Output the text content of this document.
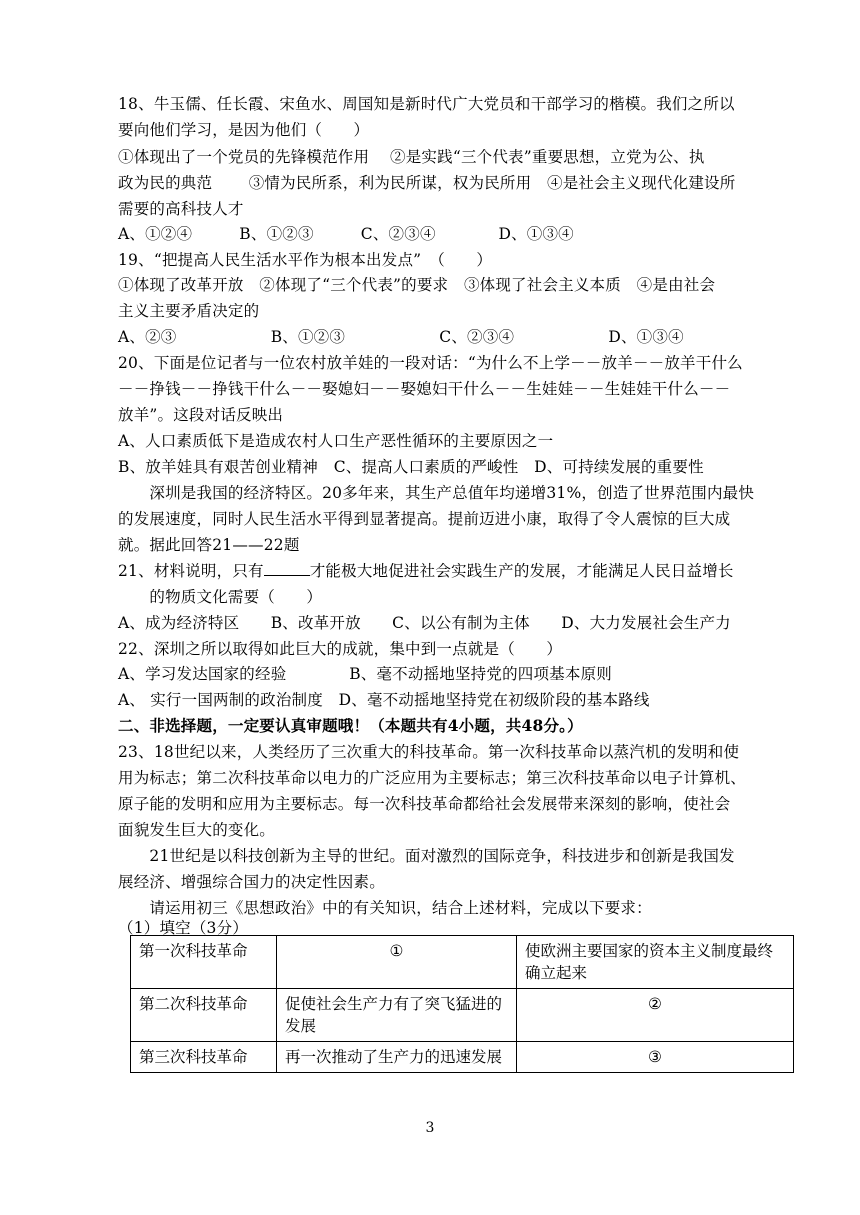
18、牛玉儒、任长霞、宋鱼水、周国知是新时代广大党员和干部学习的楷模。我们之所以
要向他们学习，是因为他们（　　）
①体现出了一个党员的先锋模范作用　 ②是实践“三个代表”重要思想，立党为公、执
政为民的典范　　 ③情为民所系，利为民所谋，权为民所用　④是社会主义现代化建设所
需要的高科技人才
A、①②④　　　B、①②③　　　C、②③④　　　　D、①③④
19、“把提高人民生活水平作为根本出发点”　（　　）
①体现了改革开放　②体现了“三个代表”的要求　③体现了社会主义本质　④是由社会
主义主要矛盾决定的
A、②③　　　　　　B、①②③　　　　　　C、②③④　　　　　　D、①③④
20、下面是位记者与一位农村放羊娃的一段对话：“为什么不上学－－放羊－－放羊干什么
－－挣钱－－挣钱干什么－－娶媳妇－－娶媳妇干什么－－生娃娃－－生娃娃干什么－－
放羊”。这段对话反映出
A、人口素质低下是造成农村人口生产恶性循环的主要原因之一
B、放羊娃具有艰苦创业精神　C、提高人口素质的严峻性　D、可持续发展的重要性
　　深圳是我国的经济特区。20多年来，其生产总值年均递增31%，创造了世界范围内最快
的发展速度，同时人民生活水平得到显著提高。提前迈进小康，取得了令人震惊的巨大成
就。据此回答21——22题
21、材料说明，只有	才能极大地促进社会实践生产的发展，才能满足人民日益增长
　　的物质文化需要（　　）
A、成为经济特区　　B、改革开放　　C、以公有制为主体　　D、大力发展社会生产力
22、深圳之所以取得如此巨大的成就，集中到一点就是（　　）
A、学习发达国家的经验　　　　B、毫不动摇地坚持党的四项基本原则
A、 实行一国两制的政治制度　D、毫不动摇地坚持党在初级阶段的基本路线
二、非选择题，一定要认真审题哦！（本题共有4小题，共48分。）
23、18世纪以来，人类经历了三次重大的科技革命。第一次科技革命以蒸汽机的发明和使
用为标志；第二次科技革命以电力的广泛应用为主要标志；第三次科技革命以电子计算机、
原子能的发明和应用为主要标志。每一次科技革命都给社会发展带来深刻的影响，使社会
面貌发生巨大的变化。
　　21世纪是以科技创新为主导的世纪。面对激烈的国际竞争，科技进步和创新是我国发
展经济、增强综合国力的决定性因素。
　　请运用初三《思想政治》中的有关知识，结合上述材料，完成以下要求：
（1）填空（3分）
第一次科技革命	①	使欧洲主要国家的资本主义制度最终确立起来
第二次科技革命	促使社会生产力有了突飞猛进的发展	②
第三次科技革命	再一次推动了生产力的迅速发展	③
3
